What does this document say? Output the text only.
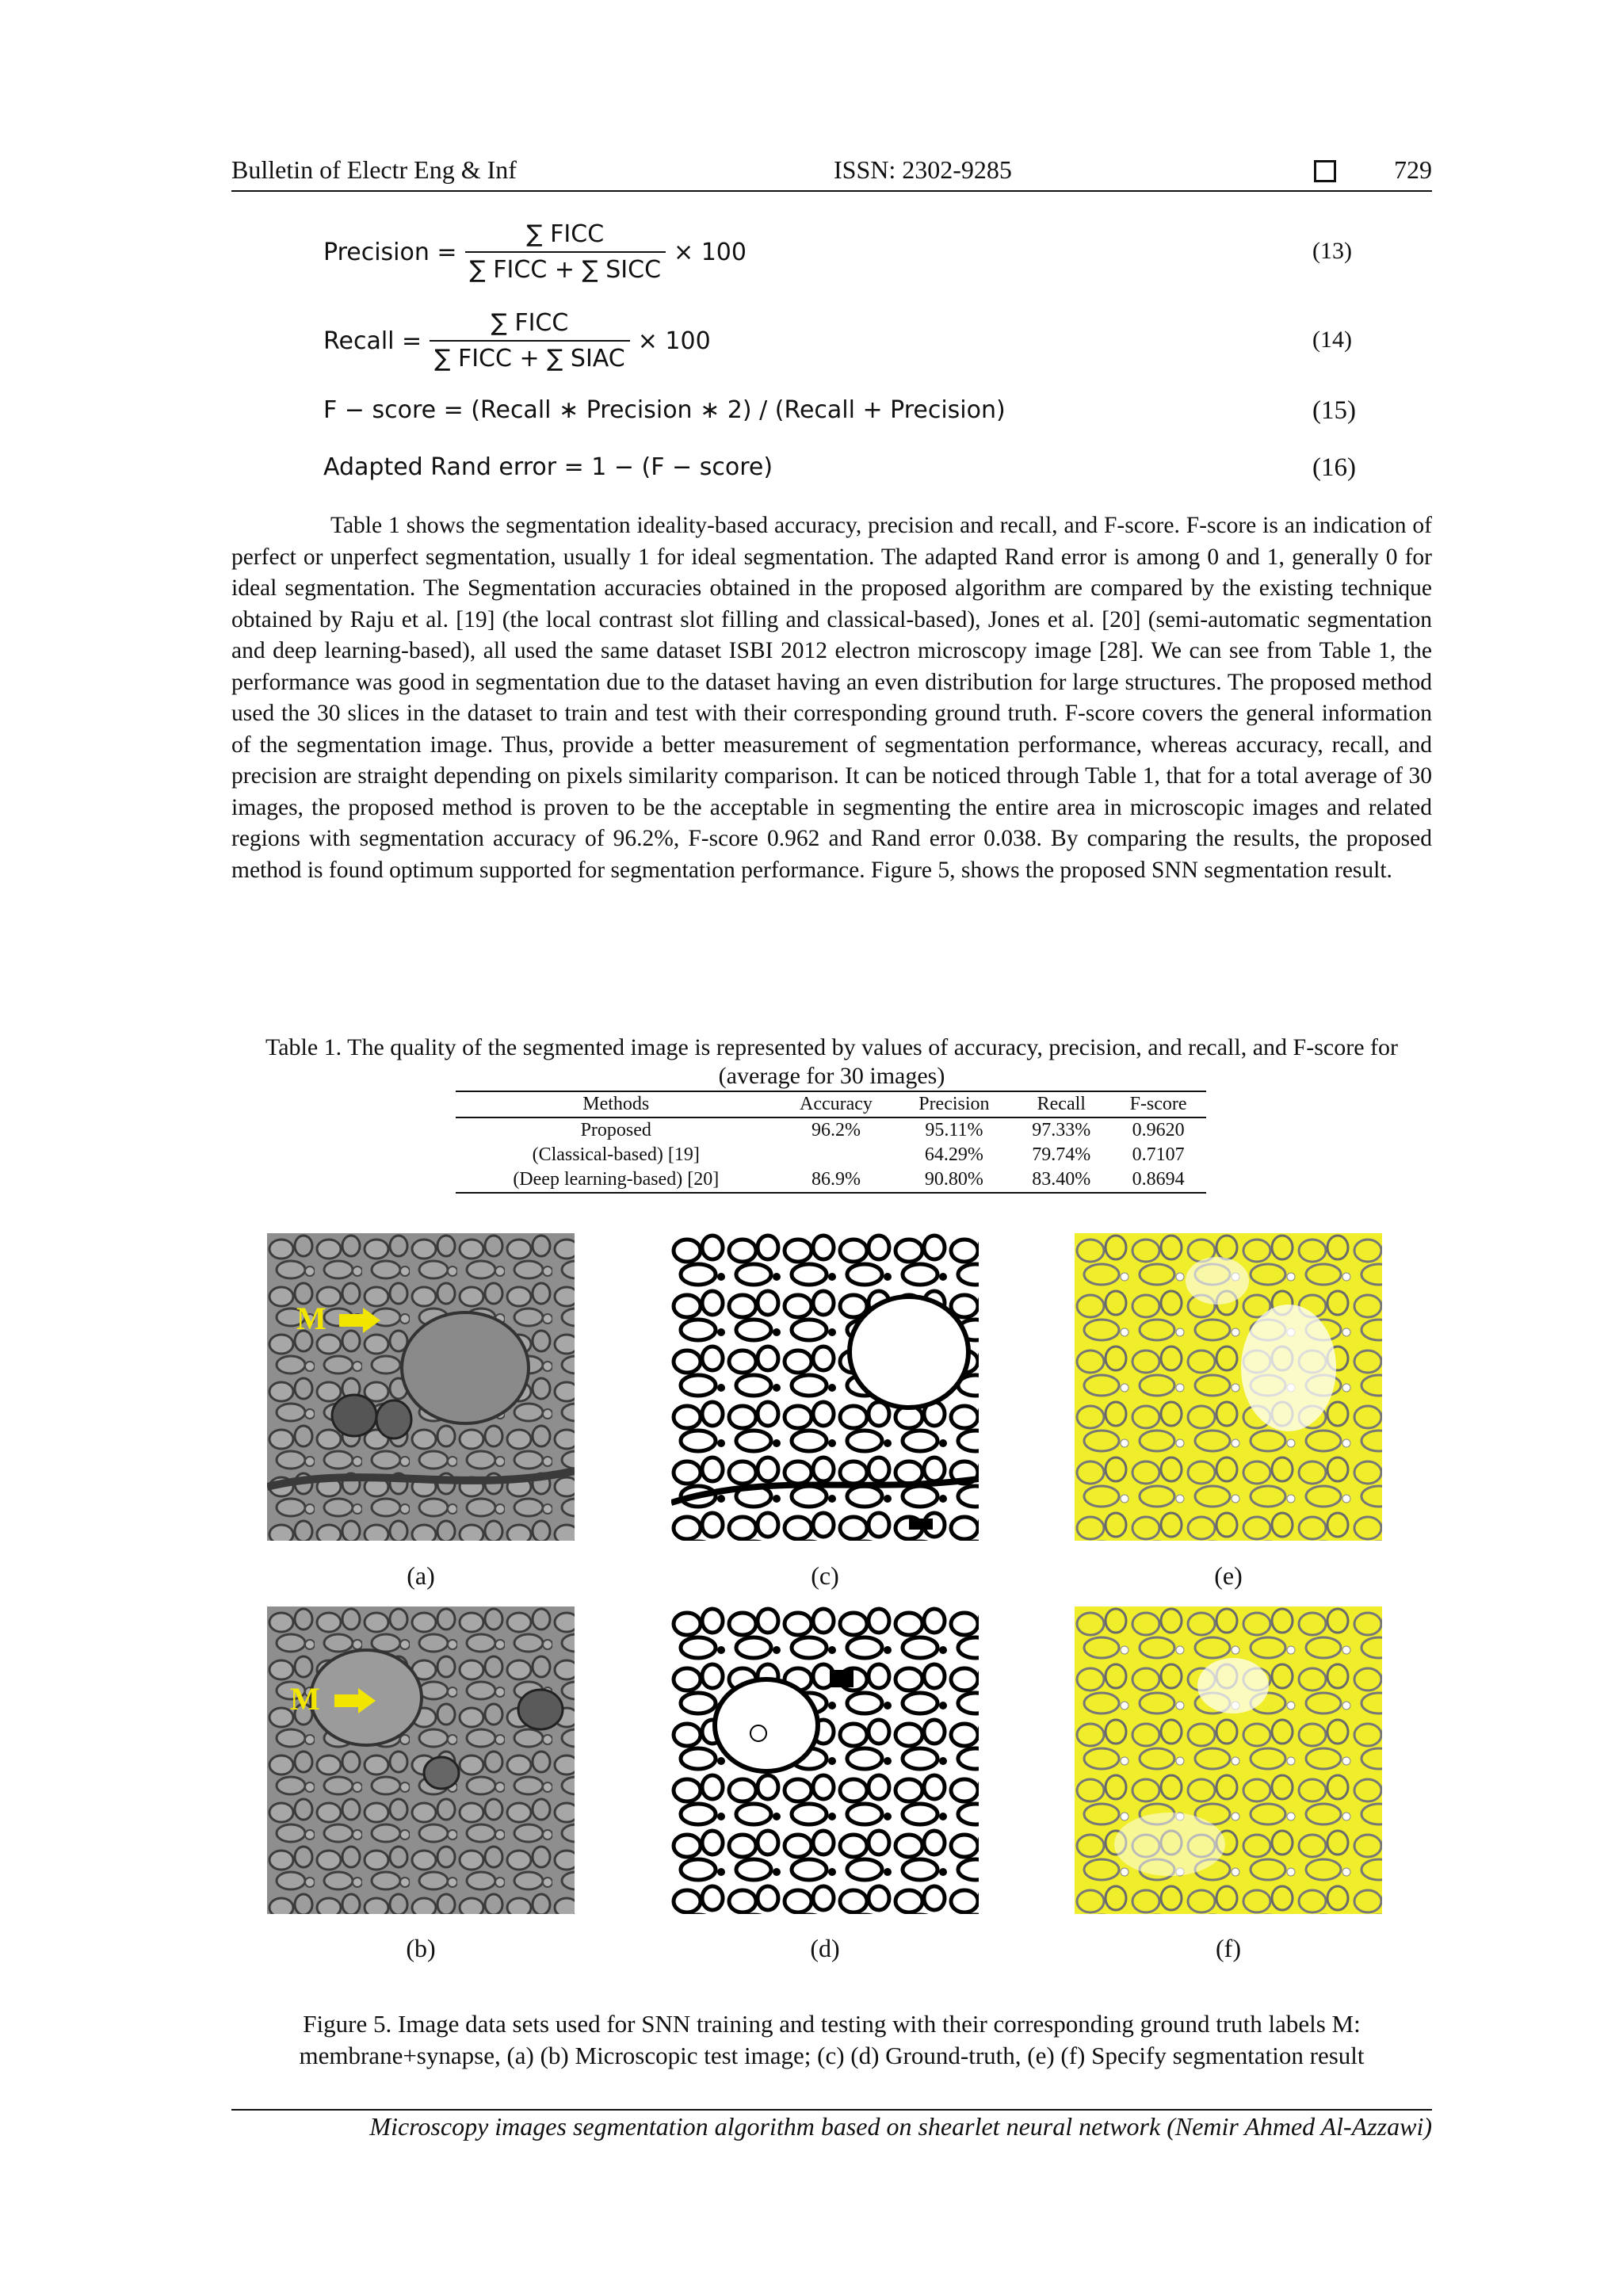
Bulletin of Electr Eng & Inf	ISSN: 2302-9285	729
Precision = $\frac{\text{∑ FICC}}{\text{∑ FICC + ∑ SICC}} \times 100$	(13)
Recall = $\frac{\text{∑ FICC}}{\text{∑ FICC + ∑ SIAC}} \times 100$	(14)
F − score = (Recall ∗ Precision ∗ 2) / (Recall + Precision)	(15)
Adapted Rand error = 1 − (F − score)	(16)

Table 1 shows the segmentation ideality-based accuracy, precision and recall, and F-score. F-score is an indication of perfect or unperfect segmentation, usually 1 for ideal segmentation. The adapted Rand error is among 0 and 1, generally 0 for ideal segmentation. The Segmentation accuracies obtained in the proposed algorithm are compared by the existing technique obtained by Raju et al. [19] (the local contrast slot filling and classical-based), Jones et al. [20] (semi-automatic segmentation and deep learning-based), all used the same dataset ISBI 2012 electron microscopy image [28]. We can see from Table 1, the performance was good in segmentation due to the dataset having an even distribution for large structures. The proposed method used the 30 slices in the dataset to train and test with their corresponding ground truth. F-score covers the general information of the segmentation image. Thus, provide a better measurement of segmentation performance, whereas accuracy, recall, and precision are straight depending on pixels similarity comparison. It can be noticed through Table 1, that for a total average of 30 images, the proposed method is proven to be the acceptable in segmenting the entire area in microscopic images and related regions with segmentation accuracy of 96.2%, F-score 0.962 and Rand error 0.038. By comparing the results, the proposed method is found optimum supported for segmentation performance. Figure 5, shows the proposed SNN segmentation result.

Table 1. The quality of the segmented image is represented by values of accuracy, precision, and recall, and F-score for (average for 30 images)
Methods	Accuracy	Precision	Recall	F-score
Proposed	96.2%	95.11%	97.33%	0.9620
(Classical-based) [19]		64.29%	79.74%	0.7107
(Deep learning-based) [20]	86.9%	90.80%	83.40%	0.8694
M
M
(a)	(c)	(e)
(b)	(d)	(f)
Figure 5. Image data sets used for SNN training and testing with their corresponding ground truth labels M: membrane+synapse, (a) (b) Microscopic test image; (c) (d) Ground-truth, (e) (f) Specify segmentation result
Microscopy images segmentation algorithm based on shearlet neural network (Nemir Ahmed Al-Azzawi)
